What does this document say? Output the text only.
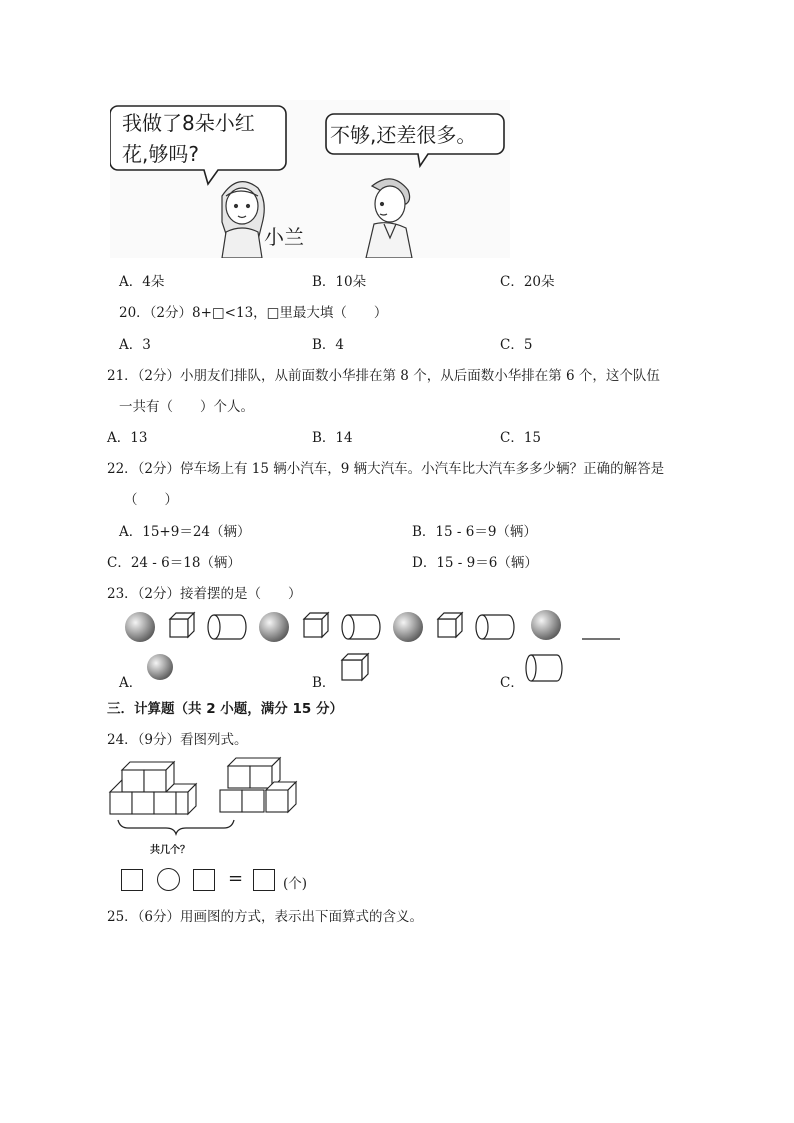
我做了8朵小红
花,够吗?
不够,还差很多。
小兰
A．4朵	B．10朵	C．20朵
20．（2分）8+□<13，□里最大填（　　）
A．3	B．4	C．5
21．（2分）小朋友们排队，从前面数小华排在第 8 个，从后面数小华排在第 6 个，这个队伍
一共有（　　）个人。
A．13	B．14	C．15
22．（2分）停车场上有 15 辆小汽车，9 辆大汽车。小汽车比大汽车多多少辆？正确的解答是
（　　）
A．15+9＝24（辆）	B．15 - 6＝9（辆）
C．24 - 6＝18（辆）	D．15 - 9＝6（辆）
23．（2分）接着摆的是（　　）
A．	B．	C．
三．计算题（共 2 小题，满分 15 分）
24．（9分）看图列式。
共几个？
=	(个)
25．（6分）用画图的方式，表示出下面算式的含义。
